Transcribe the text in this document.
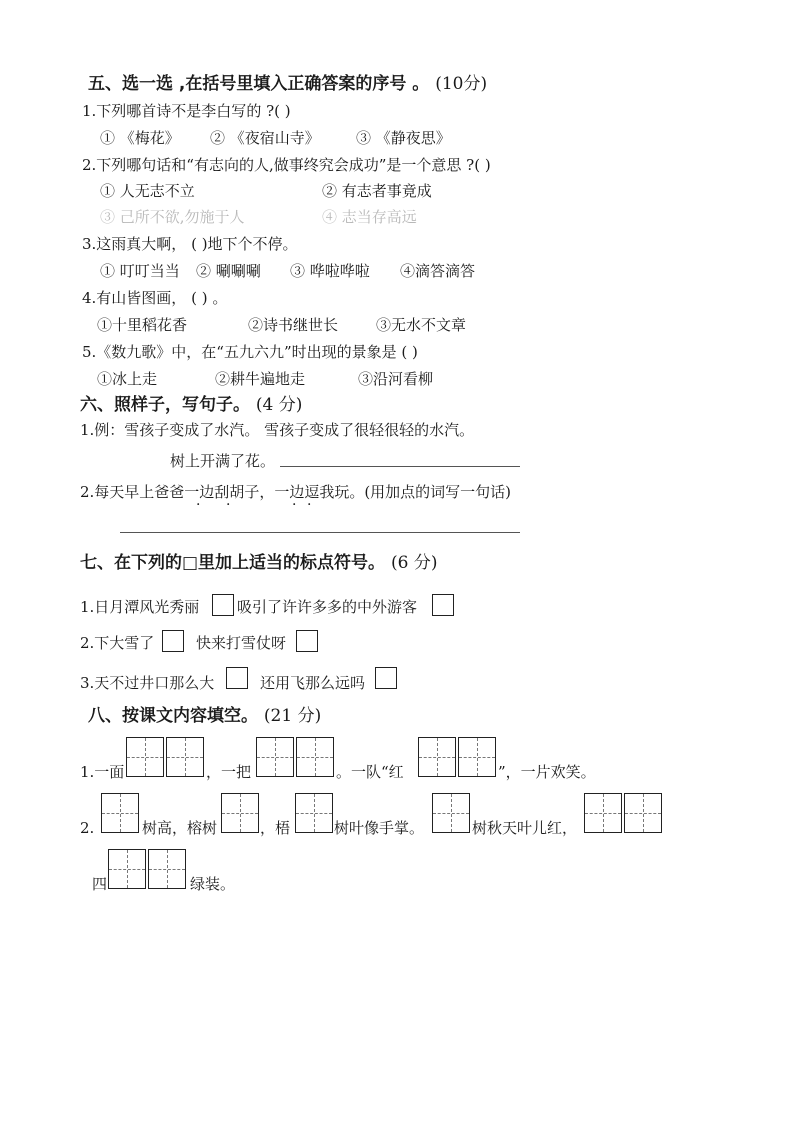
五、选一选 ,在括号里填入正确答案的序号 。 (10分)
1.下列哪首诗不是李白写的 ?( )
① 《梅花》 ② 《夜宿山寺》 ③ 《静夜思》
2.下列哪句话和“有志向的人,做事终究会成功”是一个意思 ?( )
① 人无志不立	② 有志者事竟成
③ 己所不欲,勿施于人	④ 志当存高远
3.这雨真大啊， ( )地下个不停。
① 叮叮当当 ② 唰唰唰 ③ 哗啦哗啦 ④滴答滴答
4.有山皆图画， ( ) 。
①十里稻花香	②诗书继世长	③无水不文章
5.《数九歌》中，在“五九六九”时出现的景象是 ( )
①冰上走	②耕牛遍地走	③沿河看柳
六、照样子，写句子。 (4 分)
1.例：雪孩子变成了水汽。 雪孩子变成了很轻很轻的水汽。
树上开满了花。
2.每天早上爸爸一边刮胡子，一边逗我玩。(用加点的词写一句话)
· ·	· ·
七、在下列的□里加上适当的标点符号。 (6 分)
1.日月潭风光秀丽	吸引了许许多多的中外游客
2.下大雪了	快来打雪仗呀
3.天不过井口那么大	还用飞那么远吗
八、按课文内容填空。 (21 分)
1.一面	，一把	。一队“红	”，一片欢笑。
2.	树高，榕树	，梧	树叶像手掌。	树秋天叶儿红，
四	绿装。
